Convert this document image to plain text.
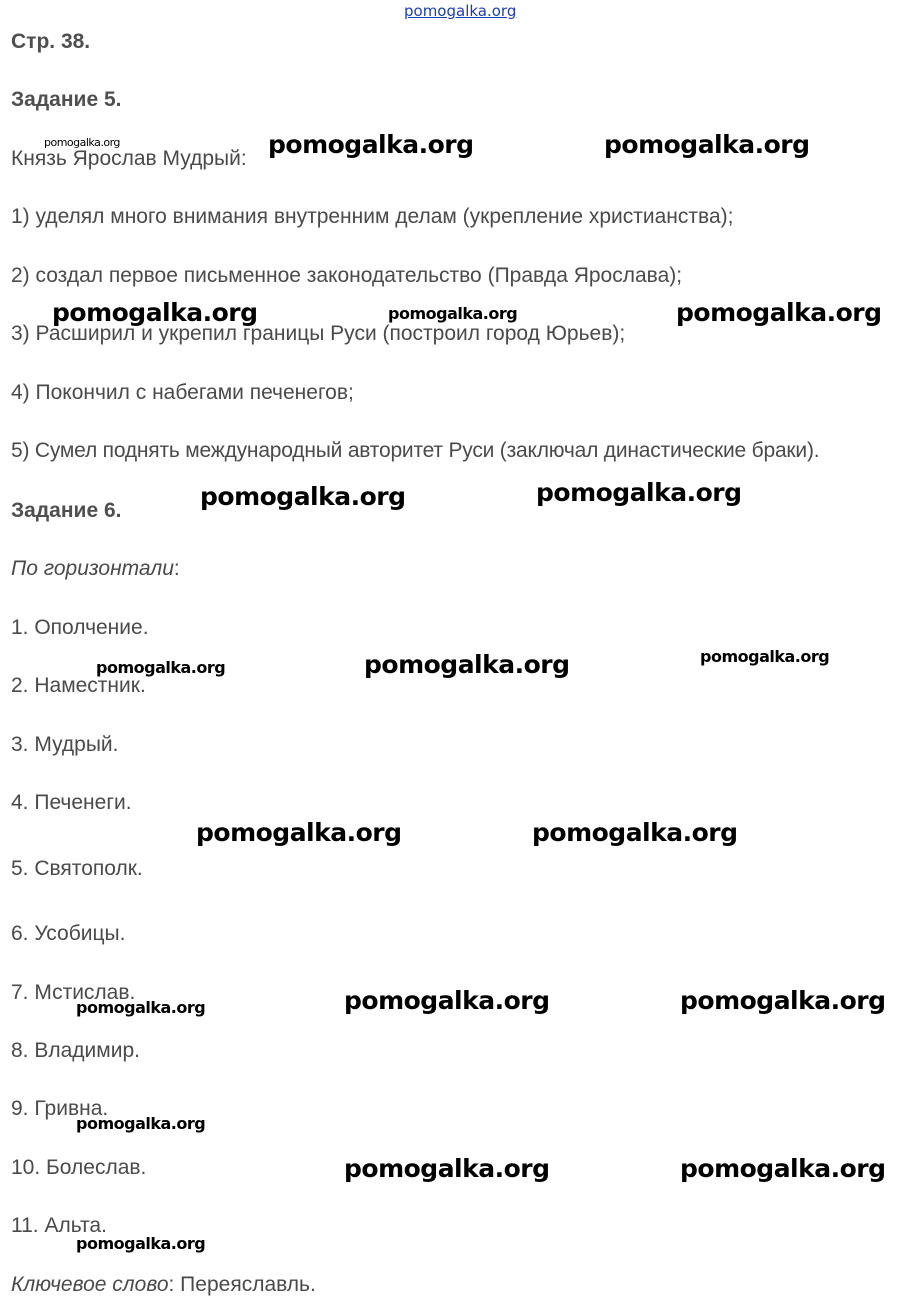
pomogalka.org
Стр. 38.
Задание 5.
Князь Ярослав Мудрый:
1) уделял много внимания внутренним делам (укрепление христианства);
2) создал первое письменное законодательство (Правда Ярослава);
3) Расширил и укрепил границы Руси (построил город Юрьев);
4) Покончил с набегами печенегов;
5) Сумел поднять международный авторитет Руси (заключал династические браки).
Задание 6.
По горизонтали:
1. Ополчение.
2. Наместник.
3. Мудрый.
4. Печенеги.
5. Святополк.
6. Усобицы.
7. Мстислав.
8. Владимир.
9. Гривна.
10. Болеслав.
11. Альта.
Ключевое слово: Переяславль.
pomogalka.org	pomogalka.org	pomogalka.org
pomogalka.org	pomogalka.org	pomogalka.org
pomogalka.org	pomogalka.org
pomogalka.org	pomogalka.org	pomogalka.org
pomogalka.org	pomogalka.org
pomogalka.org	pomogalka.org	pomogalka.org
pomogalka.org
pomogalka.org	pomogalka.org
pomogalka.org
